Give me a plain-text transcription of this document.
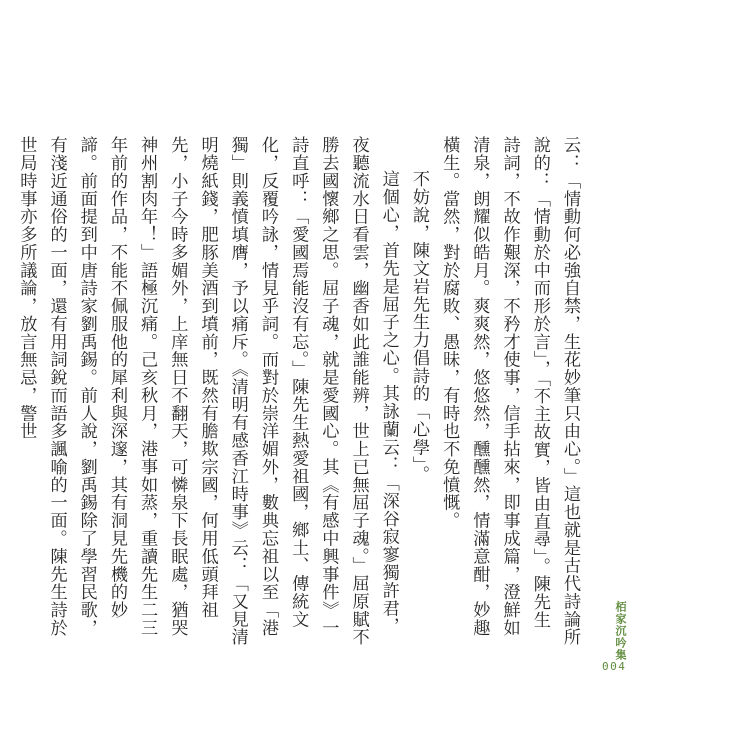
云：「情動何必強自禁，生花妙筆只由心。」這也就是古代詩論所說的：「情動於中而形於言」，「不主故實，皆由直尋」。陳先生詩詞，不故作艱深，不矜才使事，信手拈來，即事成篇，澄鮮如清泉，朗耀似皓月。爽爽然，悠悠然，醺醺然，情滿意酣，妙趣橫生。當然，對於腐敗、愚昧，有時也不免憤慨。

不妨說，陳文岩先生力倡詩的「心學」。

這個心，首先是屈子之心。其詠蘭云：「深谷寂寥獨許君，夜聽流水日看雲，幽香如此誰能辨，世上已無屈子魂。」屈原賦不勝去國懷鄉之思。屈子魂，就是愛國心。其《有感中興事件》一詩直呼：「愛國焉能沒有忘。」陳先生熱愛祖國，鄉土、傳統文化，反覆吟詠，情見乎詞。而對於崇洋媚外，數典忘祖以至「港獨」則義憤填膺，予以痛斥。《清明有感香江時事》云：「又見清明燒紙錢，肥豚美酒到墳前，既然有膽欺宗國，何用低頭拜祖先，小子今時多媚外，上庠無日不翻天，可憐泉下長眠處，猶哭神州割肉年！」語極沉痛。己亥秋月，港事如蒸，重讀先生二三年前的作品，不能不佩服他的犀利與深邃，其有洞見先機的妙諦。前面提到中唐詩家劉禹錫。前人說，劉禹錫除了學習民歌，有淺近通俗的一面，還有用詞銳而語多諷喻的一面。陳先生詩於世局時事亦多所議論，放言無忌，警世

栢家沉吟集
004
